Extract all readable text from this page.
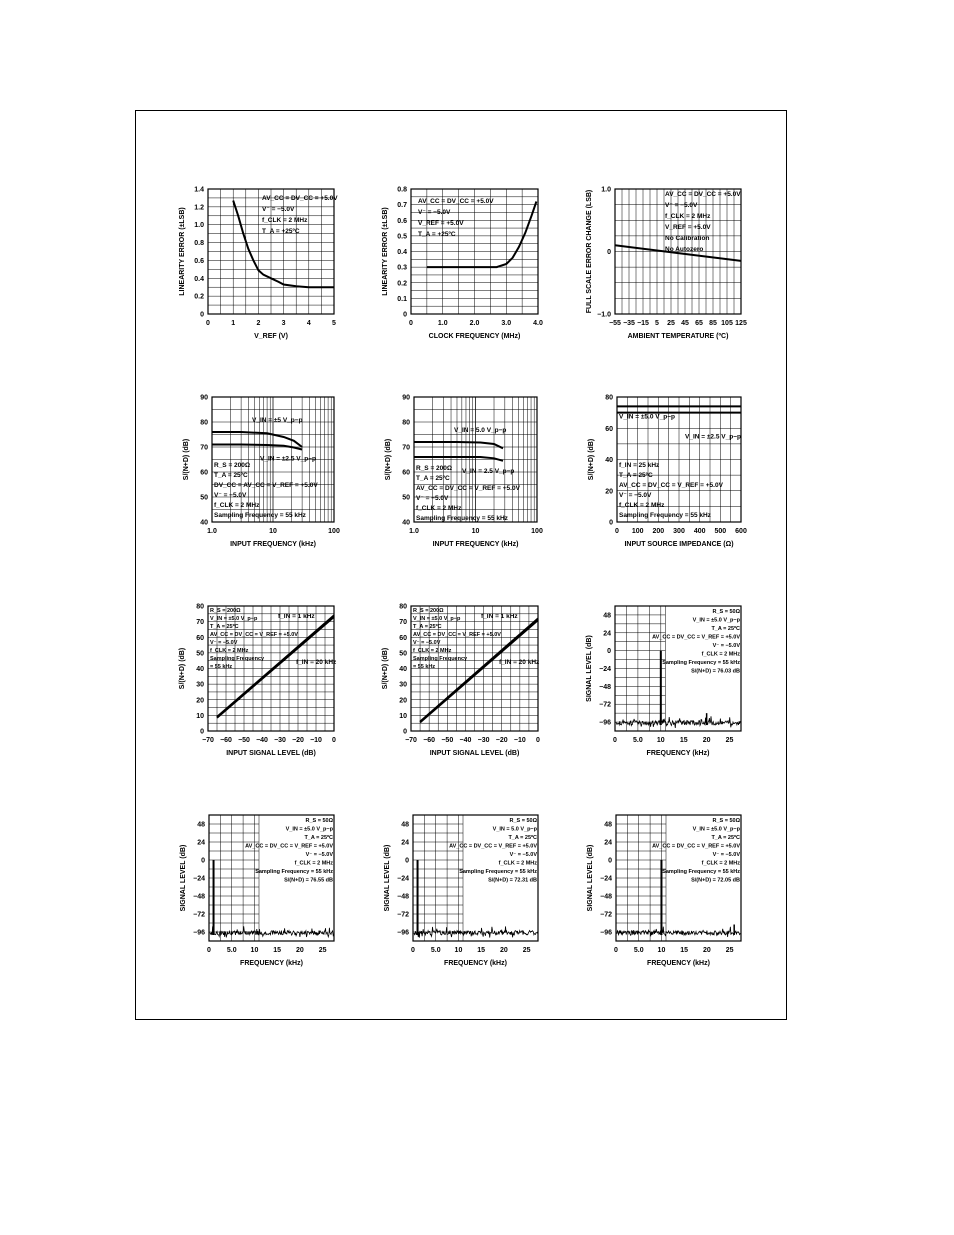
0	1	2	3	4	5
0
0.2
0.4
0.6
0.8
1.0
1.2
1.4
V_REF (V)
LINEARITY ERROR (±LSB)
AV_CC = DV_CC = +5.0V
V⁻ = −5.0V
f_CLK = 2 MHz
T_A = +25ºC
0	1.0	2.0	3.0	4.0
0
0.1
0.2
0.3
0.4
0.5
0.6
0.7
0.8
CLOCK FREQUENCY (MHz)
LINEARITY ERROR (±LSB)
AV_CC = DV_CC = +5.0V
V⁻ = −5.0V
V_REF = +5.0V
T_A = +25ºC
−55 −35 −15 5 25 45 65 85 105 125
−1.0
0
1.0
AMBIENT TEMPERATURE (ºC)
FULL SCALE ERROR CHANGE (LSB)	AV_CC = DV_CC = +5.0V
V⁻ = −5.0V
f_CLK = 2 MHz
V_REF = +5.0V
No Calibration
No Autozero
1.0	10	100
40
50
60
70
80
90
INPUT FREQUENCY (kHz)
S/(N+D) (dB)	R_S = 200Ω
T_A = 25ºC
DV_CC = AV_CC = V_REF = +5.0V
V⁻ = −5.0V
f_CLK = 2 MHz
Sampling Frequency = 55 kHz
V_IN = ±5 V_p−p
V_IN = ±2.5 V_p−p
1.0	10	100
40
50
60
70
80
90
INPUT FREQUENCY (kHz)
S/(N+D) (dB)	R_S = 200Ω
T_A = 25ºC
AV_CC = DV_CC = V_REF = +5.0V
V⁻ = −5.0V
f_CLK = 2 MHz
Sampling Frequency = 55 kHz
V_IN = 5.0 V_p−p
V_IN = 2.5 V_p−p
0 100 200 300 400 500 600
0
20
40
60
80
INPUT SOURCE IMPEDANCE (Ω)
S/(N+D) (dB)	f_IN = 25 kHz
T_A = 25ºC
AV_CC = DV_CC = V_REF = +5.0V
V⁻ = −5.0V
f_CLK = 2 MHz
Sampling Frequency = 55 kHz
V_IN = ±5.0 V_p−p
V_IN = ±2.5 V_p−p
−70 −60 −50 −40 −30 −20 −10 0
0
10
20
30
40
50
60
70
80
INPUT SIGNAL LEVEL (dB)
S/(N+D) (dB)
R_S = 200Ω
V_IN = ±5.0 V_p−p
T_A = 25ºC
AV_CC = DV_CC = V_REF = +5.0V
V⁻ = −5.0V
f_CLK = 2 MHz
Sampling Frequency
= 55 kHz
f_IN = 1 kHz
f_IN = 20 kHz
−70 −60 −50 −40 −30 −20 −10 0
0
10
20
30
40
50
60
70
80
INPUT SIGNAL LEVEL (dB)
S/(N+D) (dB)
R_S = 200Ω
V_IN = ±5.0 V_p−p
T_A = 25ºC
AV_CC = DV_CC = V_REF = +5.0V
V⁻ = −5.0V
f_CLK = 2 MHz
Sampling Frequency
= 55 kHz
f_IN = 1 kHz
f_IN = 20 kHz
0 5.0 10 15 20 25
−96
−72
−48
−24
0
24
48
FREQUENCY (kHz)
SIGNAL LEVEL (dB)
R_S = 50Ω
V_IN = ±5.0 V_p−p
T_A = 25ºC
AV_CC = DV_CC = V_REF = +5.0V
V⁻ = −5.0V
f_CLK = 2 MHz
Sampling Frequency = 55 kHz
S/(N+D) = 76.03 dB
0 5.0 10 15 20 25
−96
−72
−48
−24
0
24
48
FREQUENCY (kHz)
SIGNAL LEVEL (dB)
R_S = 50Ω
V_IN = ±5.0 V_p−p
T_A = 25ºC
AV_CC = DV_CC = V_REF = +5.0V
V⁻ = −5.0V
f_CLK = 2 MHz
Sampling Frequency = 55 kHz
S/(N+D) = 76.55 dB
0 5.0 10 15 20 25
−96
−72
−48
−24
0
24
48
FREQUENCY (kHz)
SIGNAL LEVEL (dB)
R_S = 50Ω
V_IN = 5.0 V_p−p
T_A = 25ºC
AV_CC = DV_CC = V_REF = +5.0V
V⁻ = −5.0V
f_CLK = 2 MHz
Sampling Frequency = 55 kHz
S/(N+D) = 72.31 dB
0 5.0 10 15 20 25
−96
−72
−48
−24
0
24
48
FREQUENCY (kHz)
SIGNAL LEVEL (dB)
R_S = 50Ω
V_IN = ±5.0 V_p−p
T_A = 25ºC
AV_CC = DV_CC = V_REF = +5.0V
V⁻ = −5.0V
f_CLK = 2 MHz
Sampling Frequency = 55 kHz
S/(N+D) = 72.05 dB
